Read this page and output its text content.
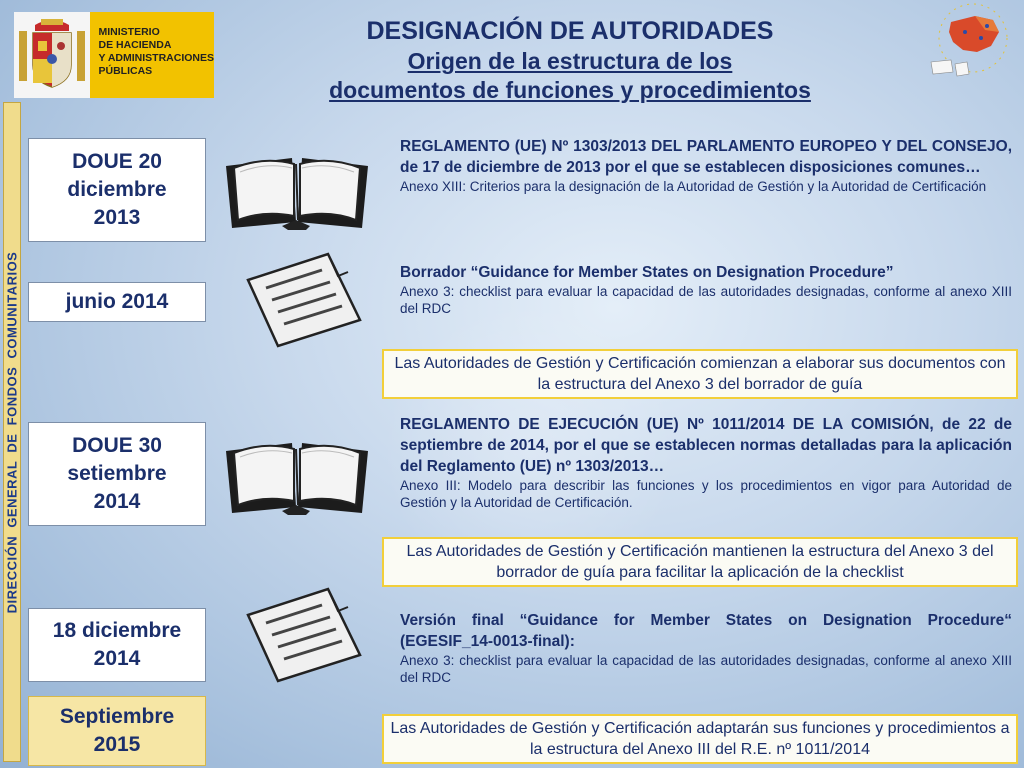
MINISTERIO
DE HACIENDA
Y ADMINISTRACIONES
PÚBLICAS
DESIGNACIÓN DE AUTORIDADES
Origen de la estructura de los
documentos de funciones y procedimientos
DIRECCIÓN  GENERAL  DE  FONDOS  COMUNITARIOS
DOUE 20
diciembre
2013
junio 2014
DOUE 30
setiembre
2014
18 diciembre
2014
Septiembre
2015
REGLAMENTO (UE) Nº 1303/2013 DEL PARLAMENTO EUROPEO Y DEL CONSEJO, de 17 de diciembre de 2013 por el que se establecen disposiciones comunes…
Anexo XIII: Criterios para la designación de la Autoridad de Gestión y la Autoridad de Certificación
Borrador “Guidance for Member States on Designation Procedure”
Anexo 3: checklist para evaluar la capacidad de las autoridades designadas, conforme al anexo XIII del RDC
REGLAMENTO DE EJECUCIÓN (UE) Nº 1011/2014 DE LA COMISIÓN, de 22 de septiembre de 2014, por el que se establecen normas detalladas para la aplicación del Reglamento (UE) nº 1303/2013…
Anexo III: Modelo para describir las funciones y los procedimientos en vigor para Autoridad de Gestión y la Autoridad de Certificación.
Versión final “Guidance for Member States on Designation Procedure“ (EGESIF_14-0013-final):
Anexo 3: checklist para evaluar la capacidad de las autoridades designadas, conforme al anexo XIII del RDC
Las Autoridades de Gestión y Certificación comienzan a elaborar sus documentos con la estructura del Anexo 3 del borrador de guía
Las Autoridades de Gestión y Certificación mantienen la estructura del Anexo 3 del borrador de guía para facilitar la aplicación de la checklist
Las Autoridades de Gestión y Certificación adaptarán sus funciones y procedimientos a la estructura del Anexo III del R.E. nº 1011/2014
